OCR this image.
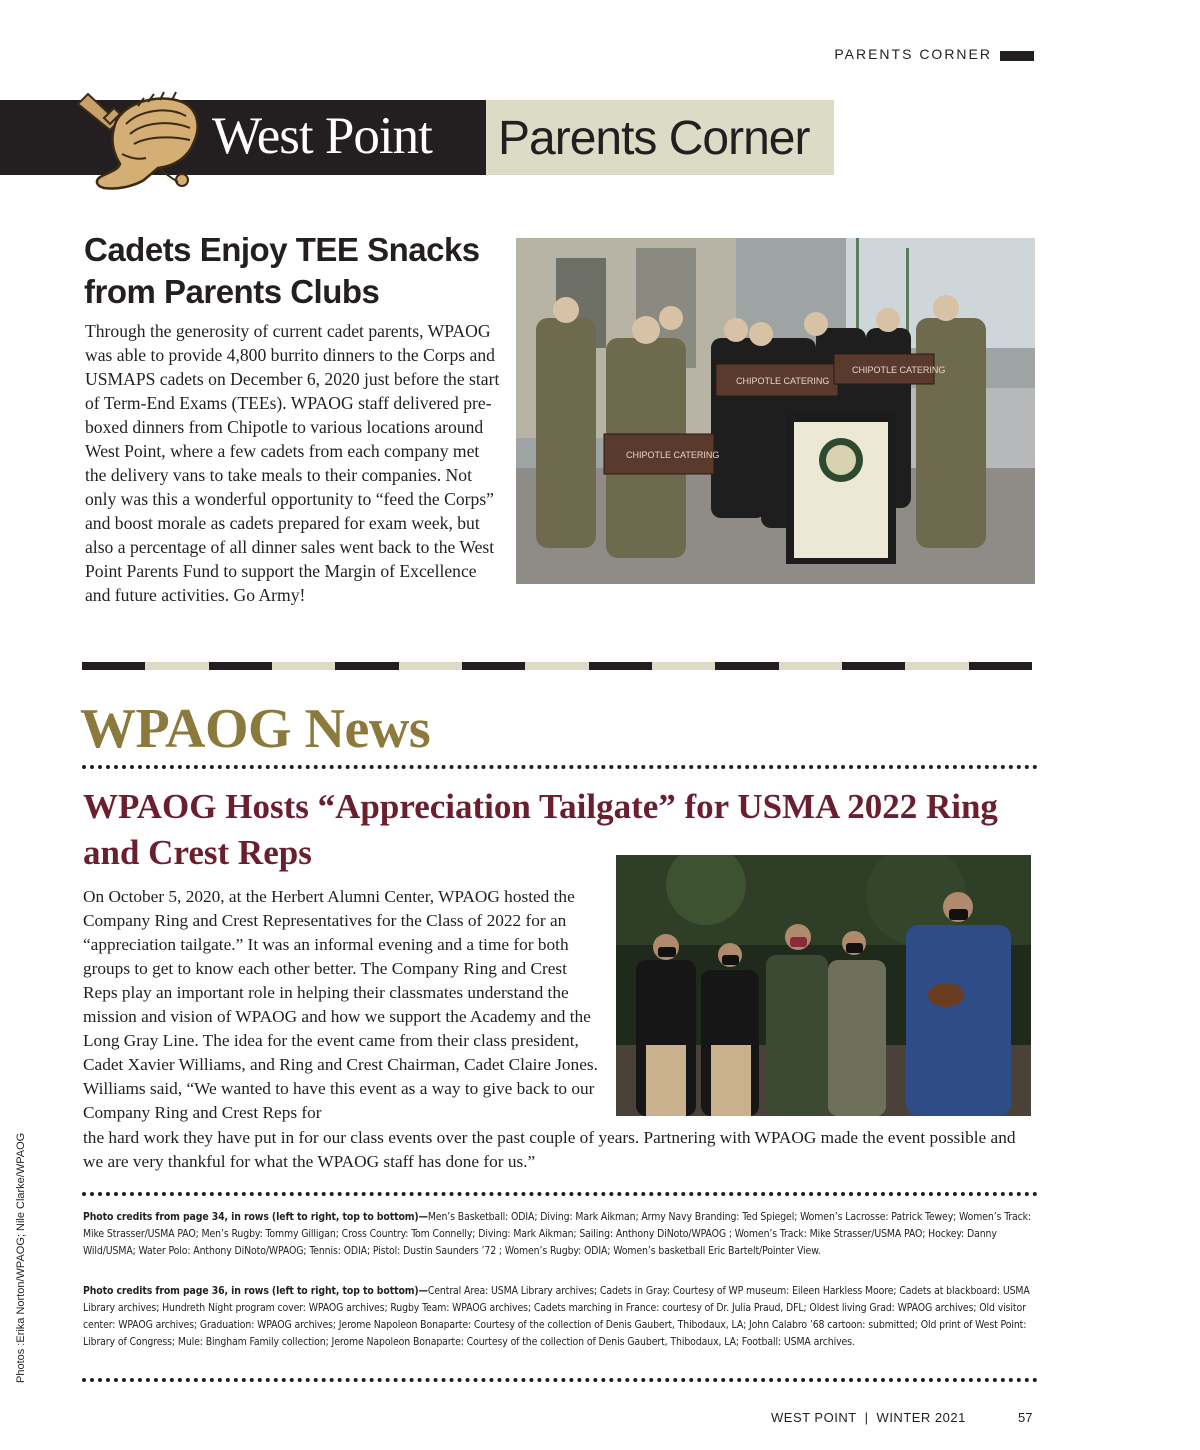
PARENTS CORNER
West Point Parents Corner
Cadets Enjoy TEE Snacks from Parents Clubs

Through the generosity of current cadet parents, WPAOG was able to provide 4,800 burrito dinners to the Corps and USMAPS cadets on December 6, 2020 just before the start of Term-End Exams (TEEs). WPAOG staff delivered pre-boxed dinners from Chipotle to various locations around West Point, where a few cadets from each company met the delivery vans to take meals to their companies. Not only was this a wonderful opportunity to “feed the Corps” and boost morale as cadets prepared for exam week, but also a percentage of all dinner sales went back to the West Point Parents Fund to support the Margin of Excellence and future activities. Go Army!

CHIPOTLE CATERING
CHIPOTLE CATERING
CHIPOTLE CATERING
WPAOG News
WPAOG Hosts “Appreciation Tailgate” for USMA 2022 Ring and Crest Reps

On October 5, 2020, at the Herbert Alumni Center, WPAOG hosted the Company Ring and Crest Representatives for the Class of 2022 for an “appreciation tailgate.” It was an informal evening and a time for both groups to get to know each other better. The Company Ring and Crest Reps play an important role in helping their classmates understand the mission and vision of WPAOG and how we support the Academy and the Long Gray Line. The idea for the event came from their class president, Cadet Xavier Williams, and Ring and Crest Chairman, Cadet Claire Jones. Williams said, “We wanted to have this event as a way to give back to our Company Ring and Crest Reps for

the hard work they have put in for our class events over the past couple of years. Partnering with WPAOG made the event possible and we are very thankful for what the WPAOG staff has done for us.”

Photo credits from page 34, in rows (left to right, top to bottom)—Men’s Basketball: ODIA; Diving: Mark Aikman; Army Navy Branding: Ted Spiegel; Women’s Lacrosse: Patrick Tewey; Women’s Track: Mike Strasser/USMA PAO; Men’s Rugby: Tommy Gilligan; Cross Country: Tom Connelly; Diving: Mark Aikman; Sailing: Anthony DiNoto/WPAOG ; Women’s Track: Mike Strasser/USMA PAO; Hockey: Danny Wild/USMA; Water Polo: Anthony DiNoto/WPAOG; Tennis: ODIA; Pistol: Dustin Saunders ’72 ; Women’s Rugby: ODIA; Women’s basketball Eric Bartelt/Pointer View.

Photo credits from page 36, in rows (left to right, top to bottom)—Central Area: USMA Library archives; Cadets in Gray: Courtesy of WP museum: Eileen Harkless Moore; Cadets at blackboard: USMA Library archives; Hundreth Night program cover: WPAOG archives; Rugby Team: WPAOG archives; Cadets marching in France: courtesy of Dr. Julia Praud, DFL; Oldest living Grad: WPAOG archives; Old visitor center: WPAOG archives; Graduation: WPAOG archives; Jerome Napoleon Bonaparte: Courtesy of the collection of Denis Gaubert, Thibodaux, LA; John Calabro ’68 cartoon: submitted; Old print of West Point: Library of Congress; Mule: Bingham Family collection; Jerome Napoleon Bonaparte: Courtesy of the collection of Denis Gaubert, Thibodaux, LA; Football: USMA archives.

Photos :Erika Norton/WPAOG; Nile Clarke/WPAOG
WEST POINT | WINTER 2021	57
